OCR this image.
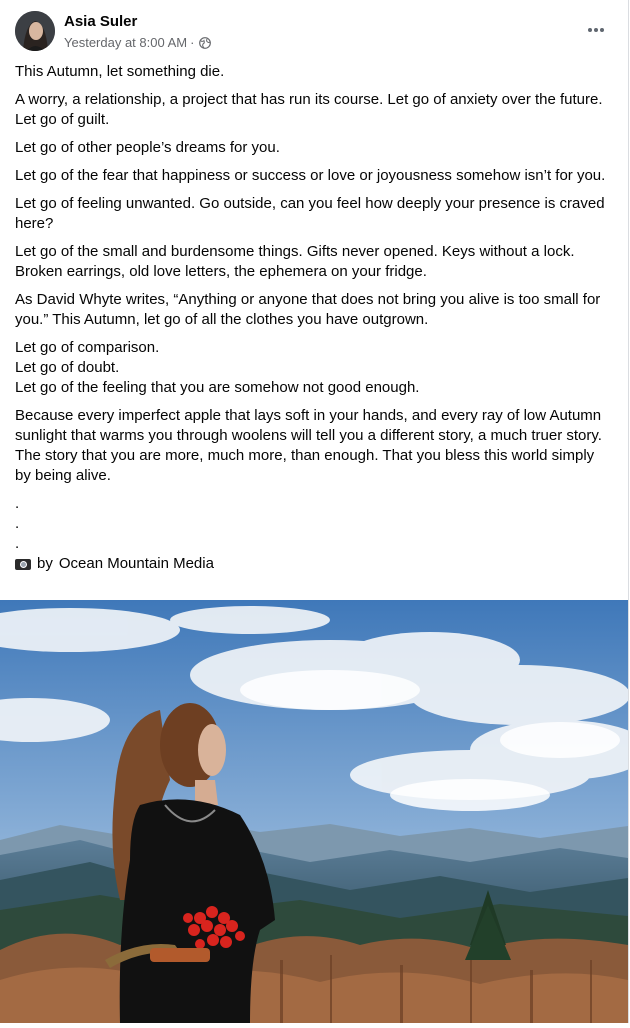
Asia Suler
Yesterday at 8:00 AM ·

This Autumn, let something die.

A worry, a relationship, a project that has run its course. Let go of anxiety over the future. Let go of guilt.

Let go of other people’s dreams for you.

Let go of the fear that happiness or success or love or joyousness somehow isn’t for you.

Let go of feeling unwanted. Go outside, can you feel how deeply your presence is craved here?

Let go of the small and burdensome things. Gifts never opened. Keys without a lock. Broken earrings, old love letters, the ephemera on your fridge.

As David Whyte writes, “Anything or anyone that does not bring you alive is too small for you.” This Autumn, let go of all the clothes you have outgrown.

Let go of comparison.

Let go of doubt.

Let go of the feeling that you are somehow not good enough.

Because every imperfect apple that lays soft in your hands, and every ray of low Autumn sunlight that warms you through woolens will tell you a different story, a much truer story. The story that you are more, much more, than enough. That you bless this world simply by being alive.

.

.

.

by Ocean Mountain Media
